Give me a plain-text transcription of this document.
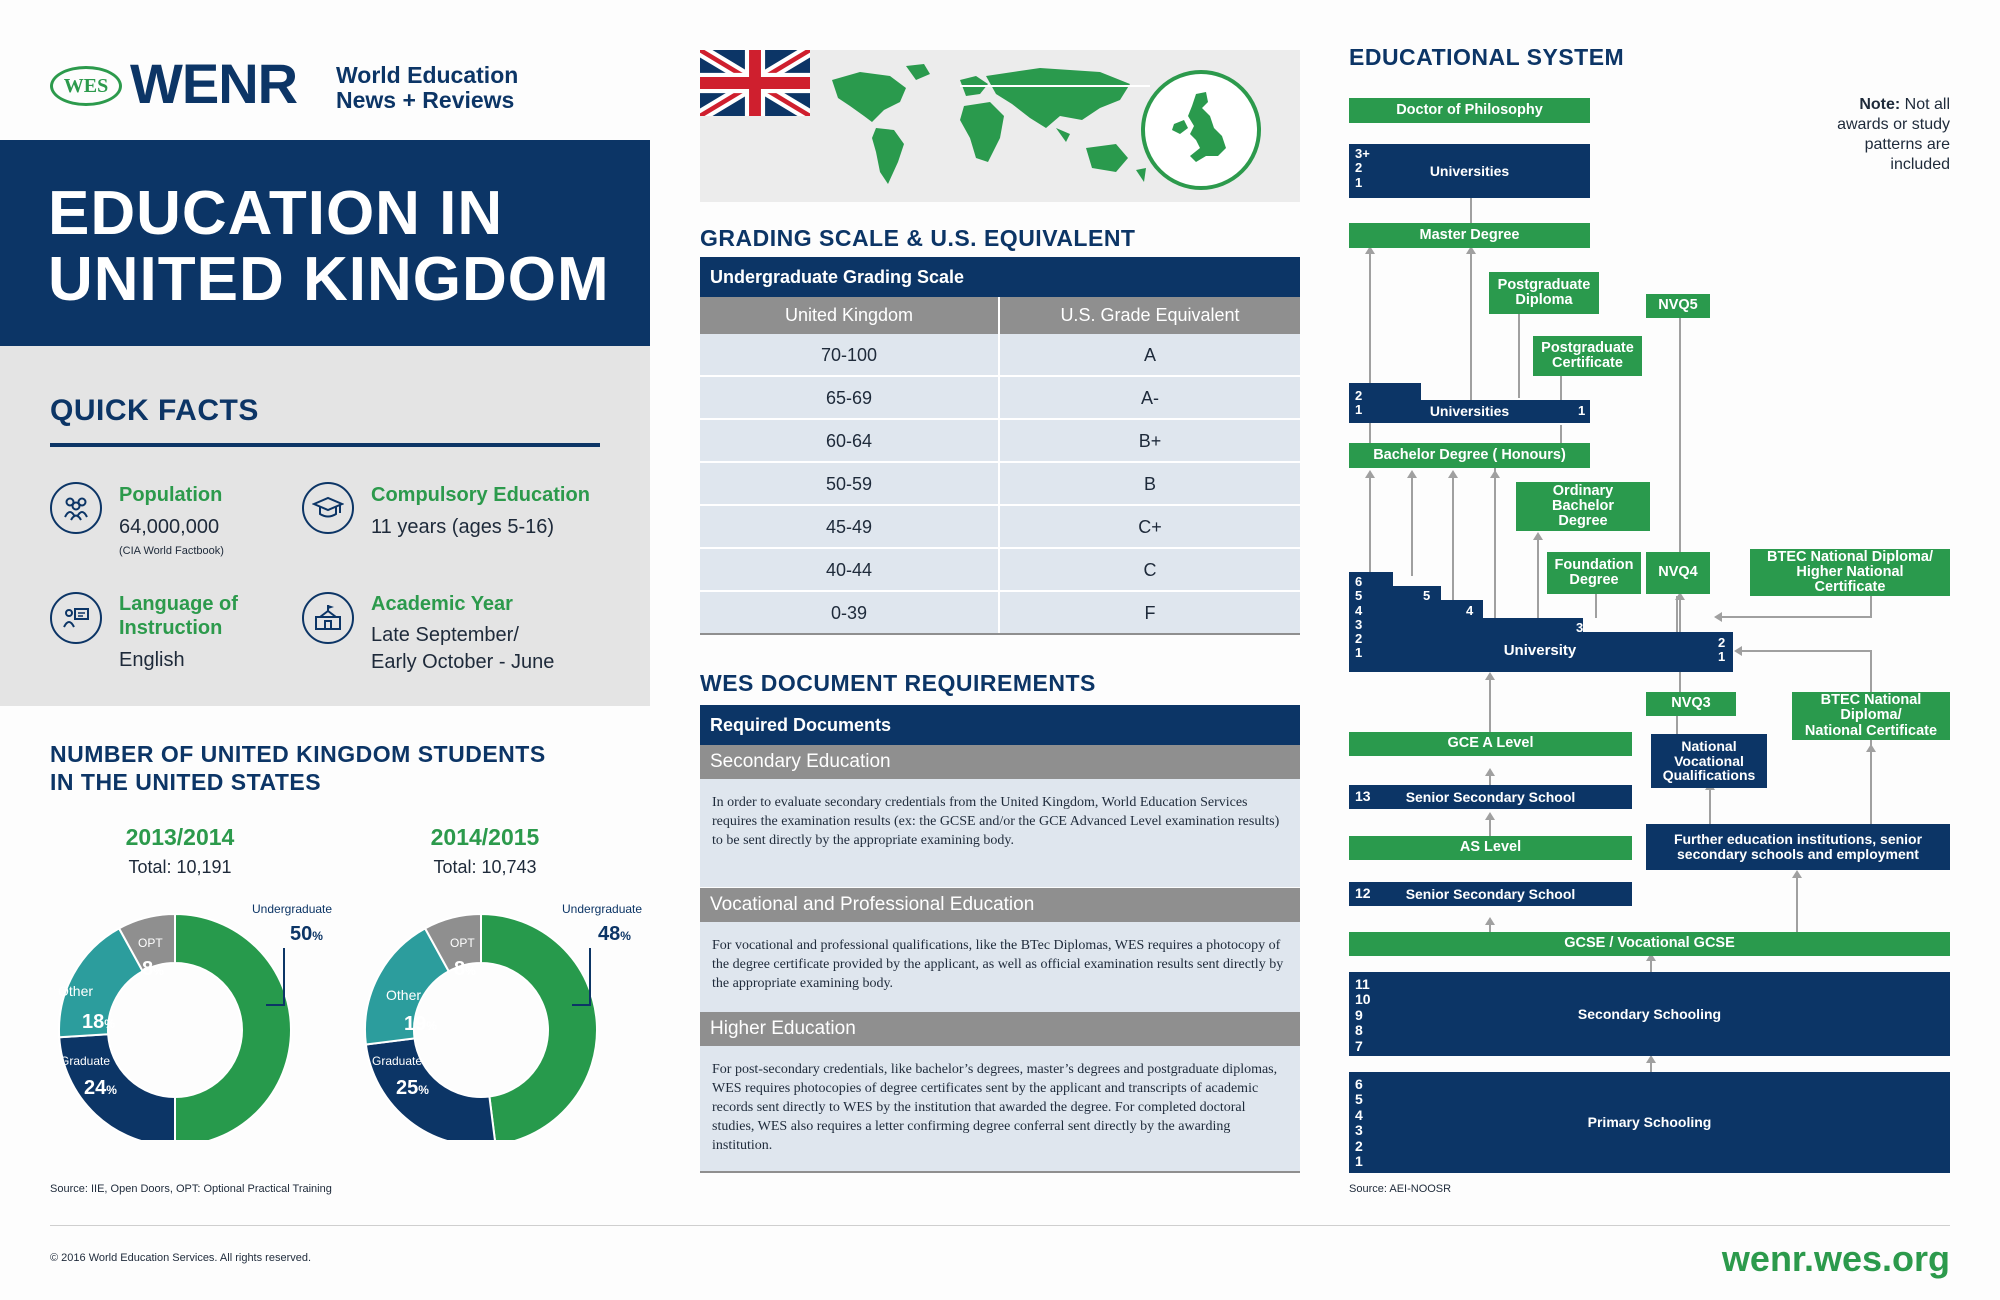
WES WENR World Education
News + Reviews
EDUCATION IN
UNITED KINGDOM
QUICK FACTS
Population
64,000,000
(CIA World Factbook)
Compulsory Education
11 years (ages 5-16)
Language of
Instruction
English
Academic Year
Late September/
Early October - June
NUMBER OF UNITED KINGDOM STUDENTS
IN THE UNITED STATES
2013/2014
Total: 10,191
2014/2015
Total: 10,743
Undergraduate
50%
Graduate
24%
Other
18%
OPT
8%
Undergraduate
48%
Graduate
25%
Other
19%
OPT
8%
Source: IIE, Open Doors, OPT: Optional Practical Training
GRADING SCALE & U.S. EQUIVALENT
Undergraduate Grading Scale
United Kingdom	U.S. Grade Equivalent
70-100	A
65-69	A-
60-64	B+
50-59	B
45-49	C+
40-44	C
0-39	F
WES DOCUMENT REQUIREMENTS
Required Documents
Secondary Education
In order to evaluate secondary credentials from the United Kingdom, World Education Services requires the examination results (ex: the GCSE and/or the GCE Advanced Level examination results) to be sent directly by the appropriate examining body.
Vocational and Professional Education
For vocational and professional qualifications, like the BTec Diplomas, WES requires a photocopy of the degree certificate provided by the applicant, as well as official examination results sent directly by the appropriate examining body.
Higher Education
For post-secondary credentials, like bachelor’s degrees, master’s degrees and postgraduate diplomas, WES requires photocopies of degree certificates sent by the applicant and transcripts of academic records sent directly to WES by the institution that awarded the degree. For completed doctoral studies, WES also requires a letter confirming degree conferral sent directly by the awarding institution.
EDUCATIONAL SYSTEM
Note: Not all
awards or study
patterns are
included
Doctor of Philosophy
Universities
3+
2
1
Master Degree
Postgraduate
Diploma	NVQ5
Postgraduate
Certificate
Universities
2
1	1
Bachelor Degree ( Honours)
Ordinary
Bachelor
Degree
Foundation
Degree	NVQ4
BTEC National Diploma/
Higher National
Certificate
University
6
5
4
3
2
1
5
4
3
2
1
NVQ3	BTEC National
Diploma/
National Certificate
GCE A Level	National
Vocational
Qualifications
Senior Secondary School
13
Further education institutions, senior
secondary schools and employment
AS Level
Senior Secondary School
12
GCSE / Vocational GCSE
Secondary Schooling
11
10
9
8
7
Primary Schooling
6
5
4
3
2
1
Source: AEI-NOOSR
© 2016 World Education Services. All rights reserved.	wenr.wes.org
